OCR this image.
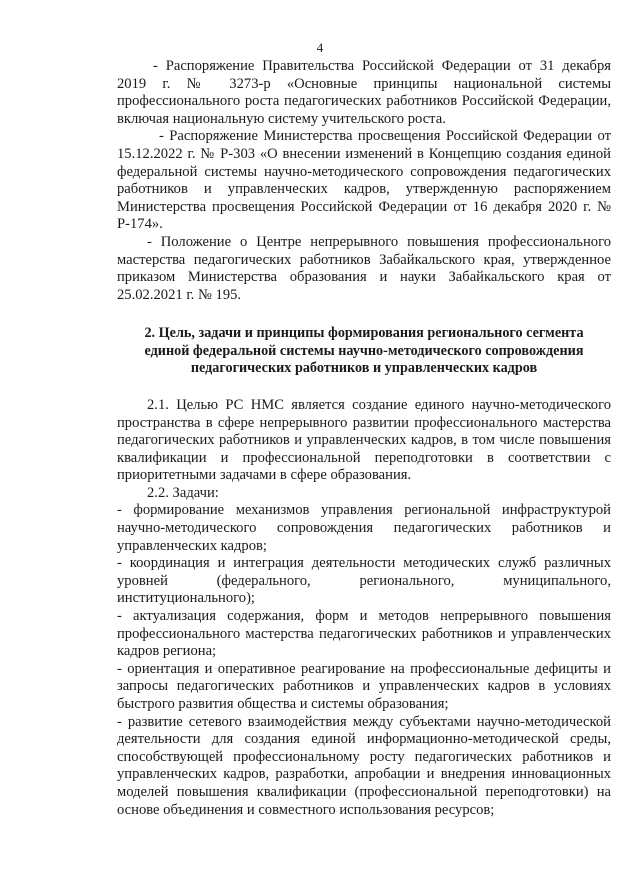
4

- Распоряжение Правительства Российской Федерации от 31 декабря 2019 г. № 3273-р «Основные принципы национальной системы профессионального роста педагогических работников Российской Федерации, включая национальную систему учительского роста.

- Распоряжение Министерства просвещения Российской Федерации от 15.12.2022 г. № Р-303 «О внесении изменений в Концепцию создания единой федеральной системы научно-методического сопровождения педагогических работников и управленческих кадров, утвержденную распоряжением Министерства просвещения Российской Федерации от 16 декабря 2020 г. № Р-174».

- Положение о Центре непрерывного повышения профессионального мастерства педагогических работников Забайкальского края, утвержденное приказом Министерства образования и науки Забайкальского края от 25.02.2021 г. № 195.

2. Цель, задачи и принципы формирования регионального сегмента единой федеральной системы научно-методического сопровождения педагогических работников и управленческих кадров

2.1. Целью РС НМС является создание единого научно-методического пространства в сфере непрерывного развитии профессионального мастерства педагогических работников и управленческих кадров, в том числе повышения квалификации и профессиональной переподготовки в соответствии с приоритетными задачами в сфере образования.

2.2. Задачи:

- формирование механизмов управления региональной инфраструктурой научно-методического сопровождения педагогических работников и управленческих кадров;

- координация и интеграция деятельности методических служб различных уровней (федерального, регионального, муниципального, институционального);

- актуализация содержания, форм и методов непрерывного повышения профессионального мастерства педагогических работников и управленческих кадров региона;

- ориентация и оперативное реагирование на профессиональные дефициты и запросы педагогических работников и управленческих кадров в условиях быстрого развития общества и системы образования;

- развитие сетевого взаимодействия между субъектами научно-методической деятельности для создания единой информационно-методической среды, способствующей профессиональному росту педагогических работников и управленческих кадров, разработки, апробации и внедрения инновационных моделей повышения квалификации (профессиональной переподготовки) на основе объединения и совместного использования ресурсов;
